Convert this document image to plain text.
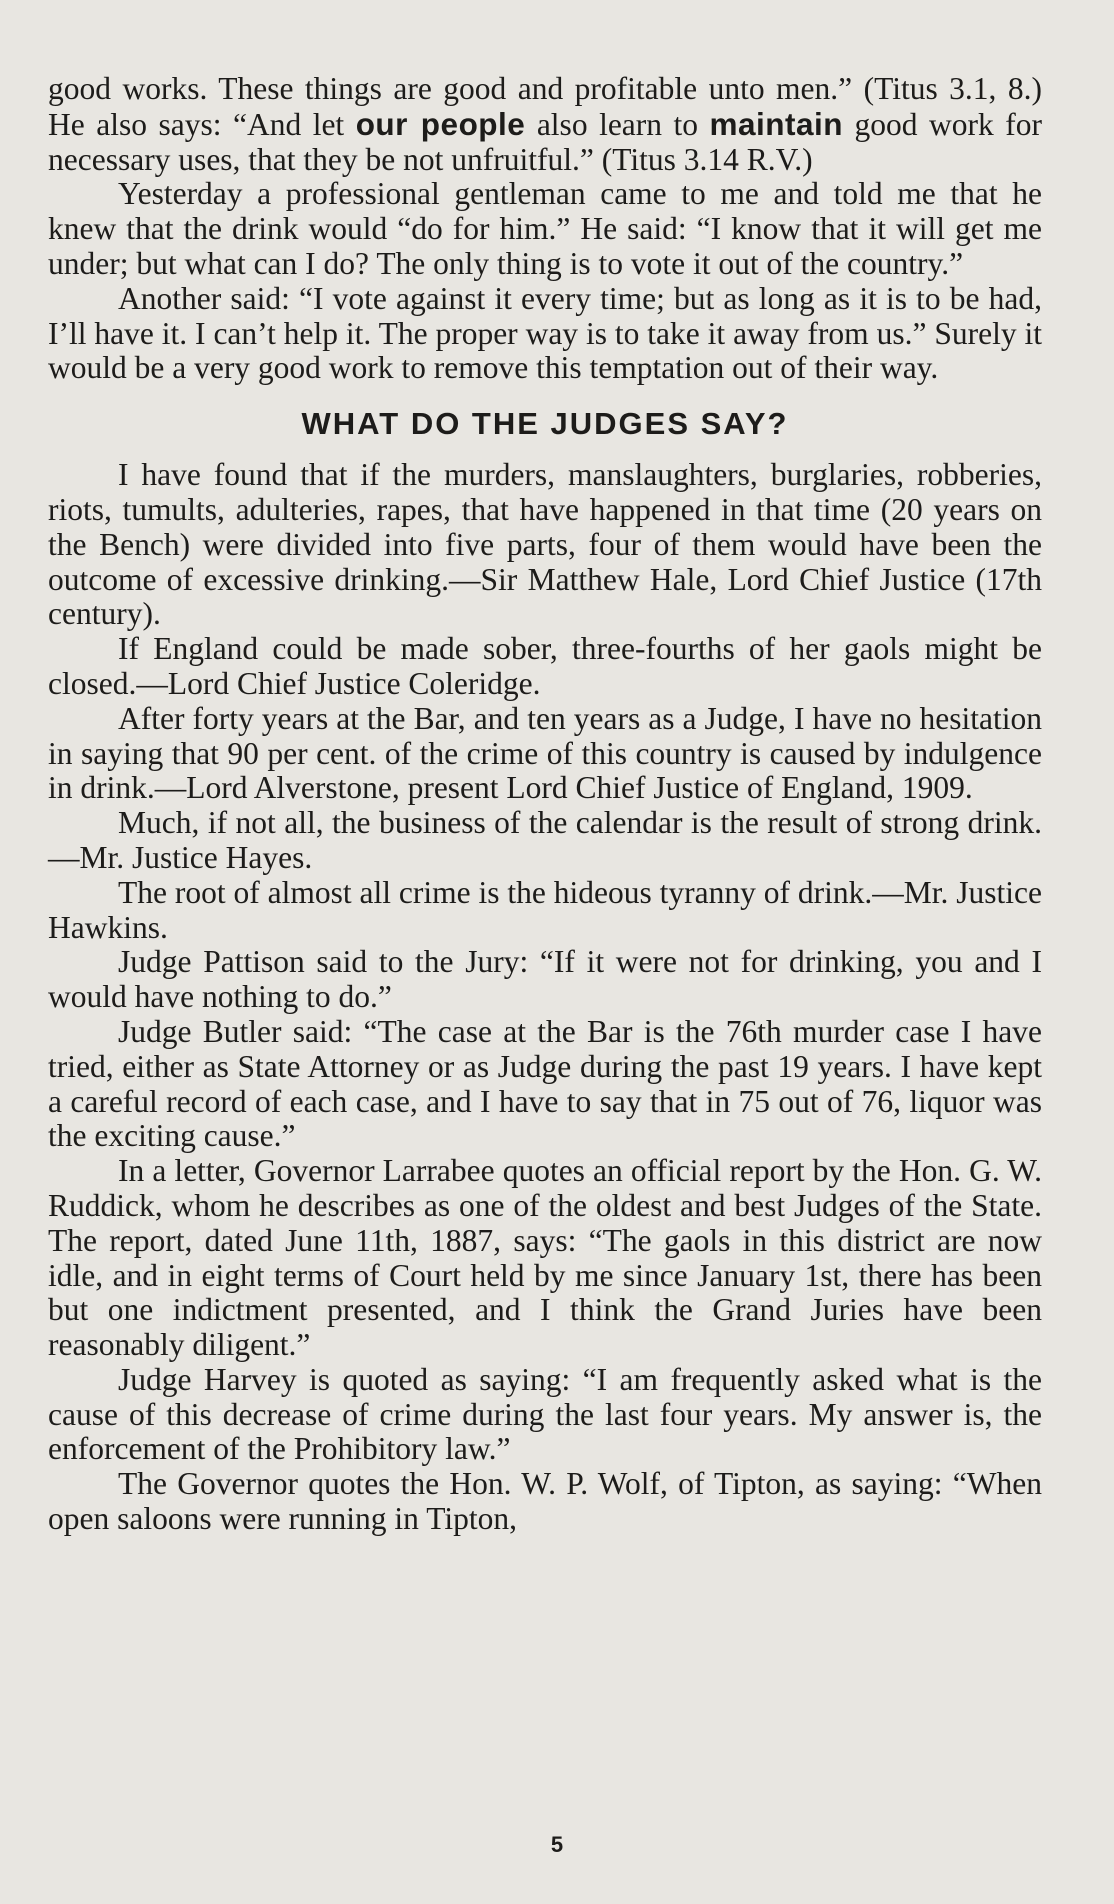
good works. These things are good and profitable unto men.” (Titus 3.1, 8.) He also says: “And let our people also learn to maintain good work for necessary uses, that they be not unfruitful.” (Titus 3.14 R.V.)

Yesterday a professional gentleman came to me and told me that he knew that the drink would “do for him.” He said: “I know that it will get me under; but what can I do? The only thing is to vote it out of the country.”

Another said: “I vote against it every time; but as long as it is to be had, I’ll have it. I can’t help it. The proper way is to take it away from us.” Surely it would be a very good work to remove this temptation out of their way.

WHAT DO THE JUDGES SAY?

I have found that if the murders, manslaughters, burglaries, robberies, riots, tumults, adulteries, rapes, that have happened in that time (20 years on the Bench) were divided into five parts, four of them would have been the outcome of excessive drinking.—Sir Matthew Hale, Lord Chief Justice (17th century).

If England could be made sober, three-fourths of her gaols might be closed.—Lord Chief Justice Coleridge.

After forty years at the Bar, and ten years as a Judge, I have no hesitation in saying that 90 per cent. of the crime of this country is caused by indulgence in drink.—Lord Alverstone, present Lord Chief Justice of England, 1909.

Much, if not all, the business of the calendar is the result of strong drink.—Mr. Justice Hayes.

The root of almost all crime is the hideous tyranny of drink.—Mr. Justice Hawkins.

Judge Pattison said to the Jury: “If it were not for drinking, you and I would have nothing to do.”

Judge Butler said: “The case at the Bar is the 76th murder case I have tried, either as State Attorney or as Judge during the past 19 years. I have kept a careful record of each case, and I have to say that in 75 out of 76, liquor was the exciting cause.”

In a letter, Governor Larrabee quotes an official report by the Hon. G. W. Ruddick, whom he describes as one of the oldest and best Judges of the State. The report, dated June 11th, 1887, says: “The gaols in this district are now idle, and in eight terms of Court held by me since January 1st, there has been but one indictment presented, and I think the Grand Juries have been reasonably diligent.”

Judge Harvey is quoted as saying: “I am frequently asked what is the cause of this decrease of crime during the last four years. My answer is, the enforcement of the Prohibitory law.”

The Governor quotes the Hon. W. P. Wolf, of Tipton, as saying: “When open saloons were running in Tipton,

5
